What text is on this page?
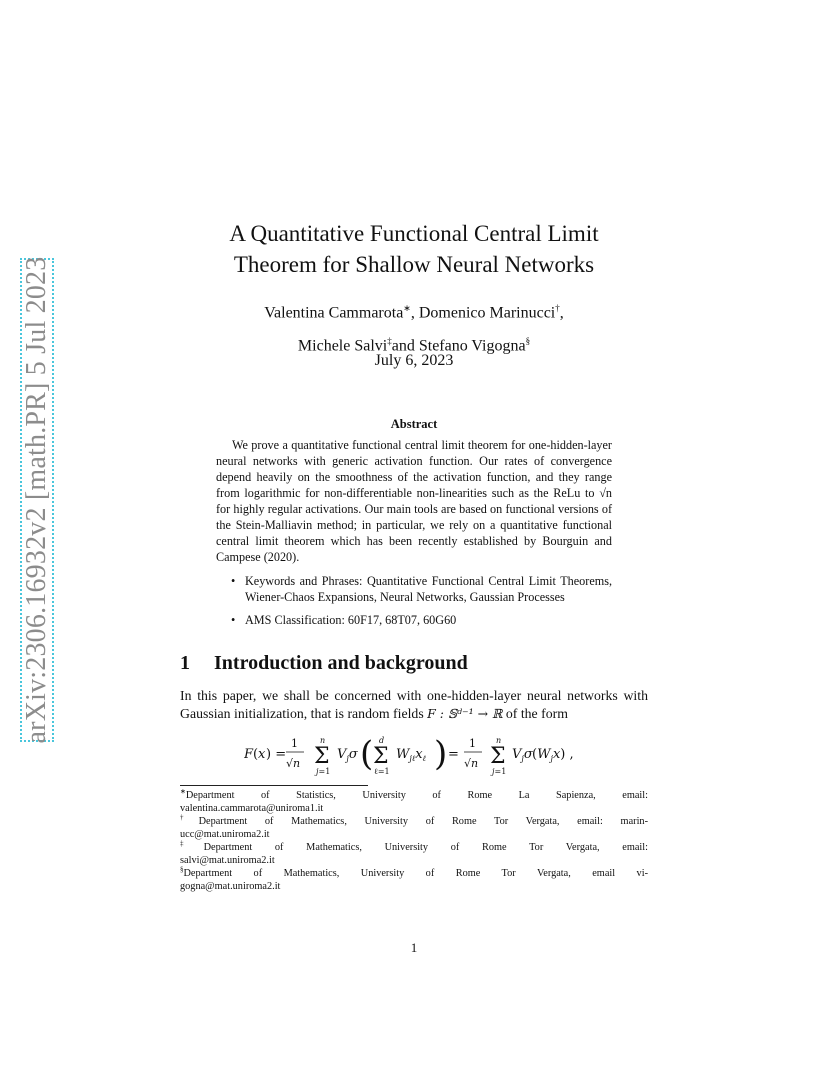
arXiv:2306.16932v2 [math.PR] 5 Jul 2023
A Quantitative Functional Central Limit
Theorem for Shallow Neural Networks
Valentina Cammarota∗, Domenico Marinucci†,
Michele Salvi‡and Stefano Vigogna§
July 6, 2023
Abstract
We prove a quantitative functional central limit theorem for one-hidden-layer neural networks with generic activation function. Our rates of convergence depend heavily on the smoothness of the activation function, and they range from logarithmic for non-differentiable non-linearities such as the ReLu to √n for highly regular activations. Our main tools are based on functional versions of the Stein-Malliavin method; in particular, we rely on a quantitative functional central limit theorem which has been recently established by Bourguin and Campese (2020).
• Keywords and Phrases: Quantitative Functional Central Limit Theorems, Wiener-Chaos Expansions, Neural Networks, Gaussian Processes
• AMS Classification: 60F17, 68T07, 60G60
1 Introduction and background
In this paper, we shall be concerned with one-hidden-layer neural networks with Gaussian initialization, that is random fields F : 𝕊ᵈ⁻¹ → ℝ of the form
F ( x ) =
1
√n
n
Σ
j=1
$V_j\sigma$ ( d
Σ
ℓ=1
$W_{j\ell}x_\ell$ ) =
1
√n
n
Σ
j=1
$V_j\sigma$ $(W_jx)$ ,

∗Department of Statistics, University of Rome La Sapienza, email:

valentina.cammarota@uniroma1.it

†Department of Mathematics, University of Rome Tor Vergata, email: marin-

ucc@mat.uniroma2.it

‡Department of Mathematics, University of Rome Tor Vergata, email:

salvi@mat.uniroma2.it

§Department of Mathematics, University of Rome Tor Vergata, email vi-

gogna@mat.uniroma2.it

1
